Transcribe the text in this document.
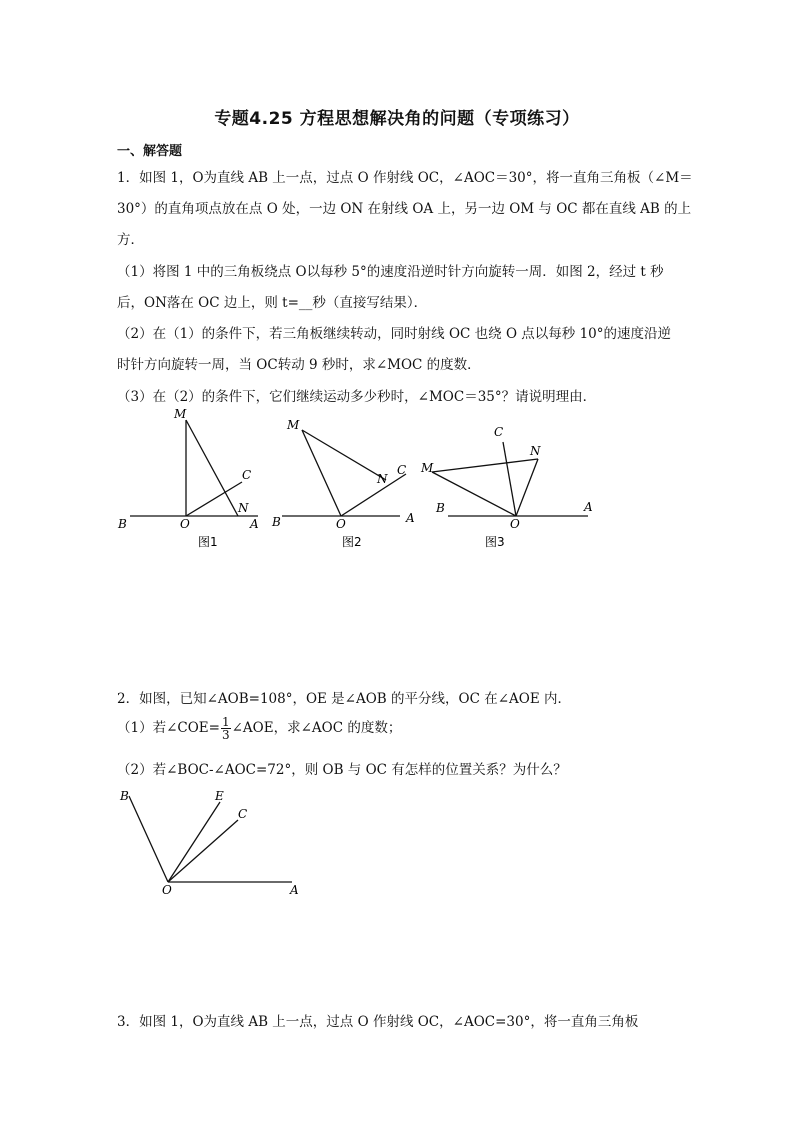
专题4.25 方程思想解决角的问题（专项练习）
一、解答题
1．如图 1，O为直线 AB 上一点，过点 O 作射线 OC，∠AOC＝30°，将一直角三角板（∠M＝
30°）的直角项点放在点 O 处，一边 ON 在射线 OA 上，另一边 OM 与 OC 都在直线 AB 的上
方．
（1）将图 1 中的三角板绕点 O以每秒 5°的速度沿逆时针方向旋转一周．如图 2，经过 t 秒
后，ON落在 OC 边上，则 t=__秒（直接写结果）．
（2）在（1）的条件下，若三角板继续转动，同时射线 OC 也绕 O 点以每秒 10°的速度沿逆
时针方向旋转一周，当 OC转动 9 秒时，求∠MOC 的度数．
（3）在（2）的条件下，它们继续运动多少秒时，∠MOC＝35°？请说明理由．
B	O	A
M
N
C
图1
B	O	A
M
N
C
图2
B
O
A
M
N
C
图3
2．如图，已知∠AOB=108°，OE 是∠AOB 的平分线，OC 在∠AOE 内．
（1）若∠COE= $\frac{1}{3}$ ∠AOE，求∠AOC 的度数；
（2）若∠BOC-∠AOC=72°，则 OB 与 OC 有怎样的位置关系？为什么？
B	E
C
O	A
3．如图 1，O为直线 AB 上一点，过点 O 作射线 OC，∠AOC=30°，将一直角三角板
